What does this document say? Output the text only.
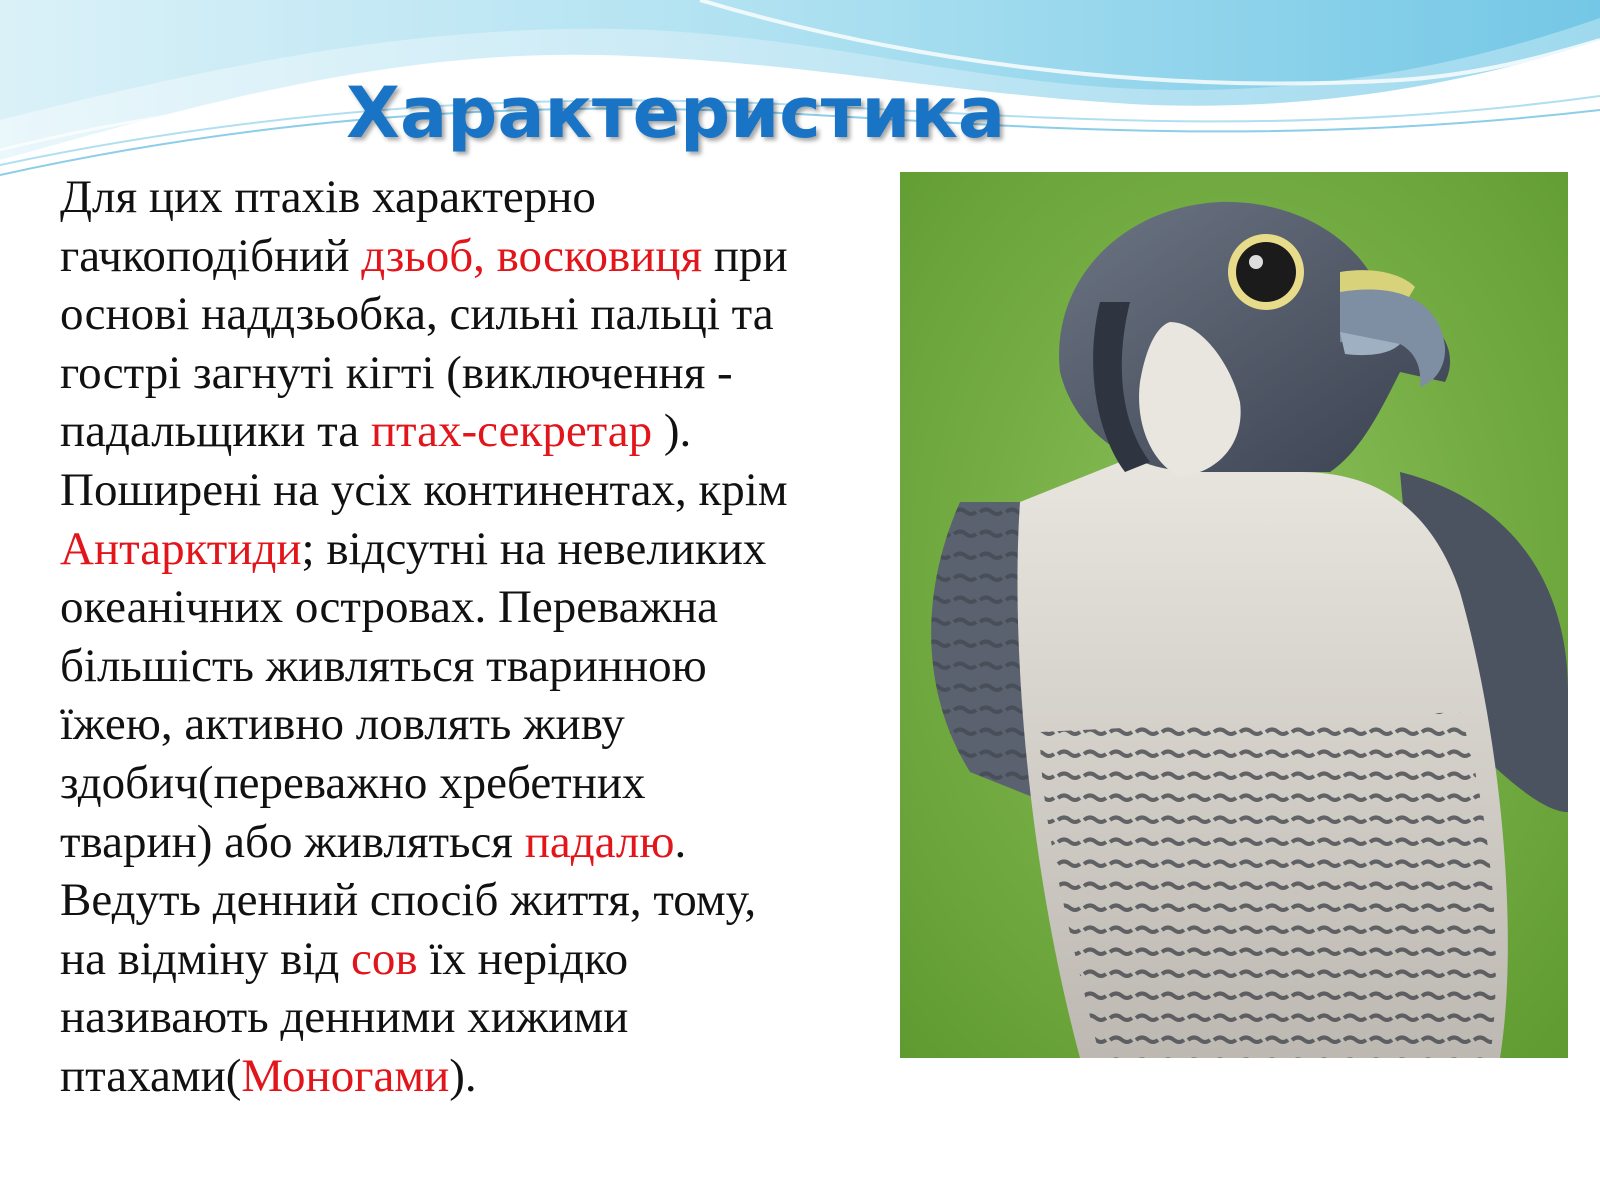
Характеристика
Для цих птахів характерно
гачкоподібний дзьоб, восковиця при
основі наддзьобка, сильні пальці та
гострі загнуті кігті (виключення -
падальщики та птах-секретар ).
Поширені на усіх континентах, крім
Антарктиди; відсутні на невеликих
океанічних островах. Переважна
більшість живляться тваринною
їжею, активно ловлять живу
здобич(переважно хребетних
тварин) або живляться падалю.
Ведуть денний спосіб життя, тому,
на відміну від сов їх нерідко
називають денними хижими
птахами(Моногами).
